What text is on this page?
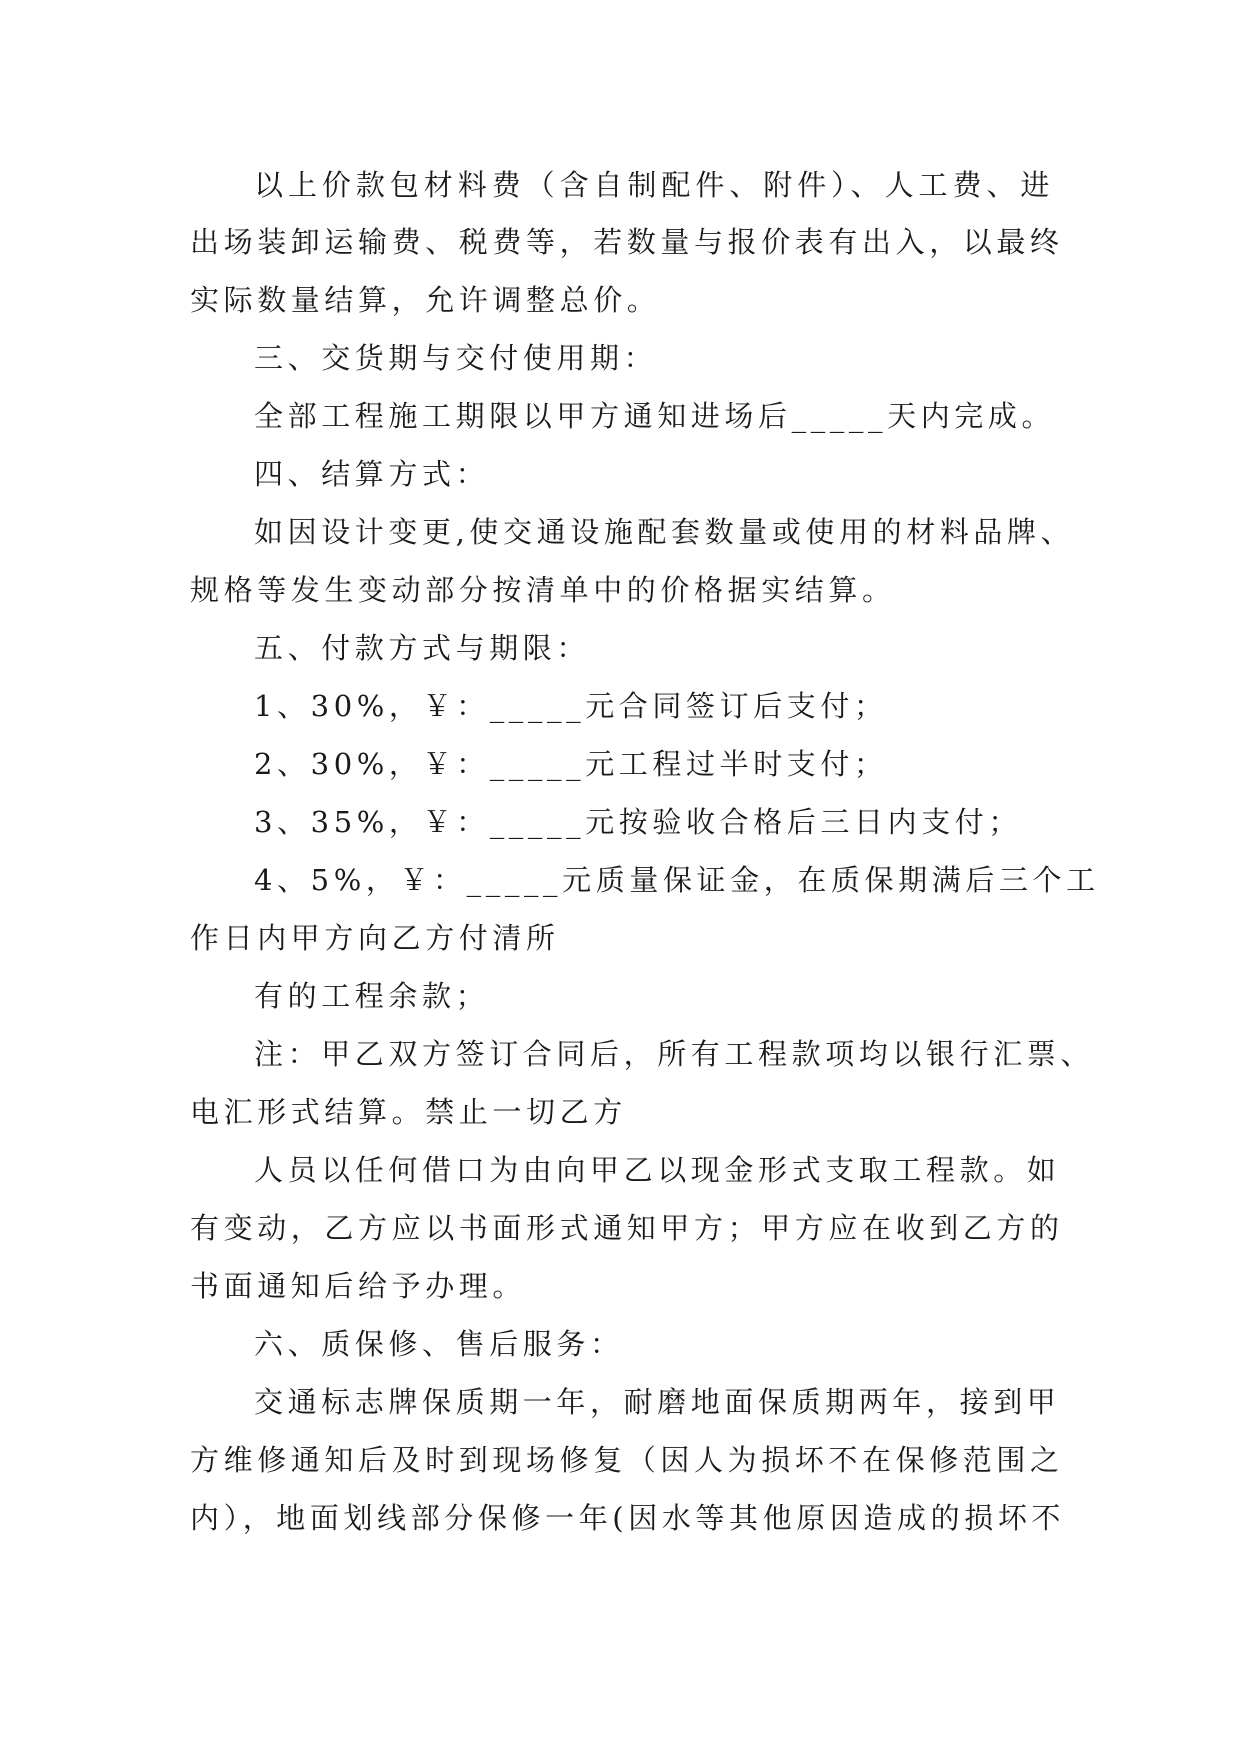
以上价款包材料费（含自制配件、附件）、人工费、进
出场装卸运输费、税费等，若数量与报价表有出入，以最终
实际数量结算，允许调整总价。
三、交货期与交付使用期：
全部工程施工期限以甲方通知进场后_____天内完成。
四、结算方式：
如因设计变更,使交通设施配套数量或使用的材料品牌、
规格等发生变动部分按清单中的价格据实结算。
五、付款方式与期限：
1、30%，￥：_____元合同签订后支付；
2、30%，￥：_____元工程过半时支付；
3、35%，￥：_____元按验收合格后三日内支付；
4、5%，￥：_____元质量保证金，在质保期满后三个工
作日内甲方向乙方付清所
有的工程余款；
注：甲乙双方签订合同后，所有工程款项均以银行汇票、
电汇形式结算。禁止一切乙方
人员以任何借口为由向甲乙以现金形式支取工程款。如
有变动，乙方应以书面形式通知甲方；甲方应在收到乙方的
书面通知后给予办理。
六、质保修、售后服务：
交通标志牌保质期一年，耐磨地面保质期两年，接到甲
方维修通知后及时到现场修复（因人为损坏不在保修范围之
内），地面划线部分保修一年(因水等其他原因造成的损坏不
